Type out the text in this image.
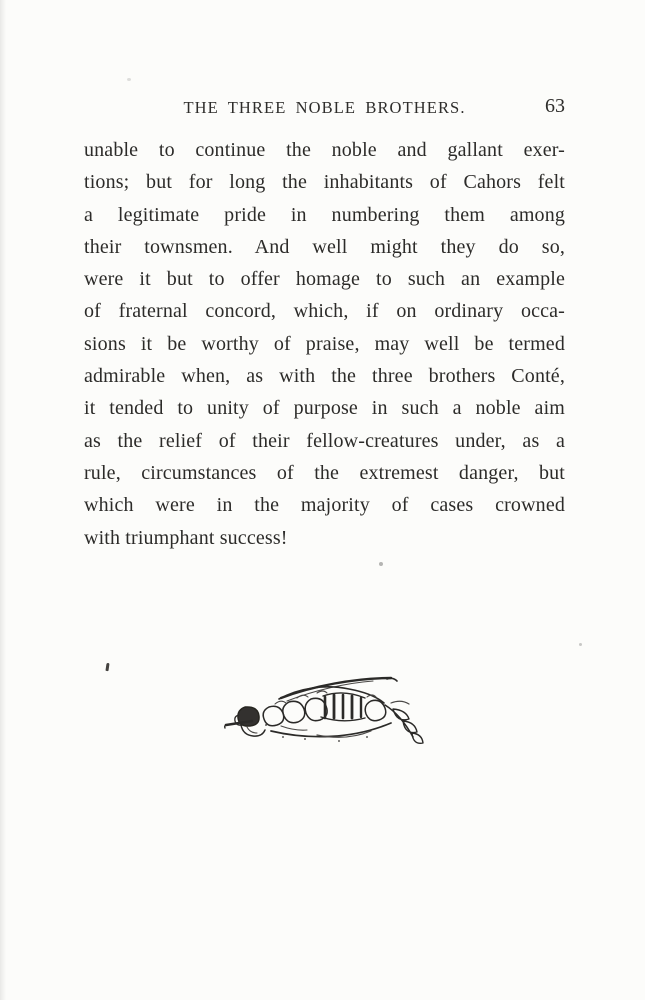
THE THREE NOBLE BROTHERS.	63
unable to continue the noble and gallant exer-
tions; but for long the inhabitants of Cahors felt
a legitimate pride in numbering them among
their townsmen. And well might they do so,
were it but to offer homage to such an example
of fraternal concord, which, if on ordinary occa-
sions it be worthy of praise, may well be termed
admirable when, as with the three brothers Conté,
it tended to unity of purpose in such a noble aim
as the relief of their fellow-creatures under, as a
rule, circumstances of the extremest danger, but
which were in the majority of cases crowned
with triumphant success!
